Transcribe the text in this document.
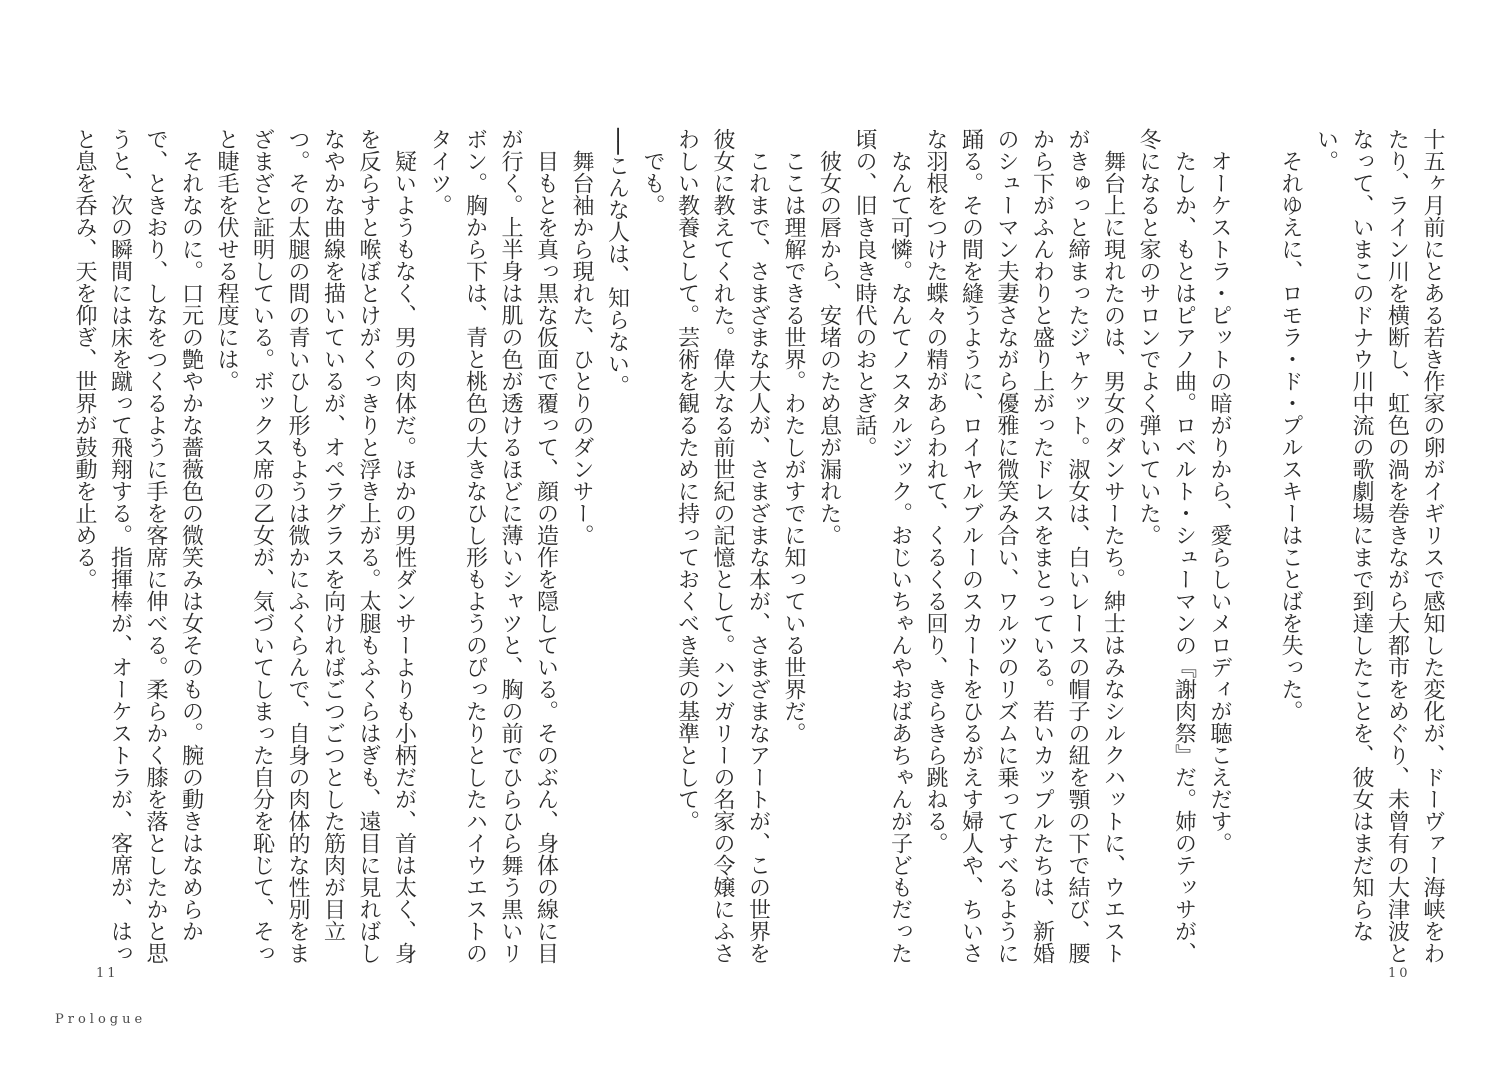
十五ヶ月前にとある若き作家の卵がイギリスで感知した変化が、ドーヴァー海峡をわたり、ライン川を横断し、虹色の渦を巻きながら大都市をめぐり、未曾有の大津波となって、いまこのドナウ川中流の歌劇場にまで到達したことを、彼女はまだ知らない。

それゆえに、ロモラ・ド・プルスキーはことばを失った。

オーケストラ・ピットの暗がりから、愛らしいメロディが聴こえだす。

たしか、もとはピアノ曲。ロベルト・シューマンの『謝肉祭』だ。姉のテッサが、冬になると家のサロンでよく弾いていた。

舞台上に現れたのは、男女のダンサーたち。紳士はみなシルクハットに、ウエストがきゅっと締まったジャケット。淑女は、白いレースの帽子の紐を顎の下で結び、腰から下がふんわりと盛り上がったドレスをまとっている。若いカップルたちは、新婚のシューマン夫妻さながら優雅に微笑み合い、ワルツのリズムに乗ってすべるように踊る。その間を縫うように、ロイヤルブルーのスカートをひるがえす婦人や、ちいさな羽根をつけた蝶々の精があらわれて、くるくる回り、きらきら跳ねる。

なんて可憐。なんてノスタルジック。おじいちゃんやおばあちゃんが子どもだった頃の、旧き良き時代のおとぎ話。

彼女の唇から、安堵のため息が漏れた。

ここは理解できる世界。わたしがすでに知っている世界だ。

これまで、さまざまな大人が、さまざまな本が、さまざまなアートが、この世界を彼女に教えてくれた。偉大なる前世紀の記憶として。ハンガリーの名家の令嬢にふさわしい教養として。芸術を観るために持っておくべき美の基準として。

でも。

──こんな人は、知らない。

舞台袖から現れた、ひとりのダンサー。

目もとを真っ黒な仮面で覆って、顔の造作を隠している。そのぶん、身体の線に目が行く。上半身は肌の色が透けるほどに薄いシャツと、胸の前でひらひら舞う黒いリボン。胸から下は、青と桃色の大きなひし形もようのぴったりとしたハイウエストのタイツ。

疑いようもなく、男の肉体だ。ほかの男性ダンサーよりも小柄だが、首は太く、身を反らすと喉ぼとけがくっきりと浮き上がる。太腿もふくらはぎも、遠目に見ればしなやかな曲線を描いているが、オペラグラスを向ければごつごつとした筋肉が目立つ。その太腿の間の青いひし形もようは微かにふくらんで、自身の肉体的な性別をまざまざと証明している。ボックス席の乙女が、気づいてしまった自分を恥じて、そっと睫毛を伏せる程度には。

それなのに。口元の艶やかな薔薇色の微笑みは女そのもの。腕の動きはなめらかで、ときおり、しなをつくるように手を客席に伸べる。柔らかく膝を落としたかと思うと、次の瞬間には床を蹴って飛翔する。指揮棒が、オーケストラが、客席が、はっと息を呑み、天を仰ぎ、世界が鼓動を止める。

10
11
Prologue
